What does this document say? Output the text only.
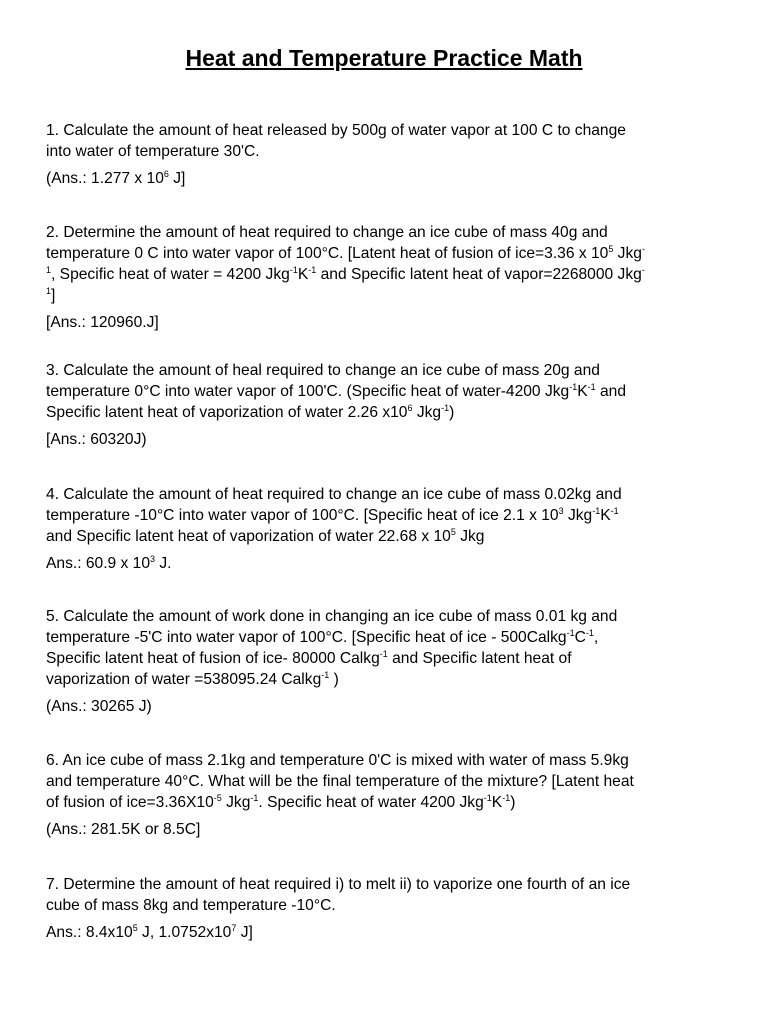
Heat and Temperature Practice Math

1. Calculate the amount of heat released by 500g of water vapor at 100 C to change
into water of temperature 30'C.

(Ans.: 1.277 x $10^6$ J]

2. Determine the amount of heat required to change an ice cube of mass 40g and
temperature 0 C into water vapor of 100°C. [Latent heat of fusion of ice=3.36 x $10^5$ Jkg-
$^1$, Specific heat of water = 4200 $Jkg^{-1}K^{-1}$ and Specific latent heat of vapor=2268000 Jkg-
$^1$]

[Ans.: 120960.J]

3. Calculate the amount of heal required to change an ice cube of mass 20g and
temperature 0°C into water vapor of 100'C. (Specific heat of water-4200 $Jkg^{-1}K^{-1}$ and
Specific latent heat of vaporization of water 2.26 $x10^6$ Jkg$^{-1}$)

[Ans.: 60320J)

4. Calculate the amount of heat required to change an ice cube of mass 0.02kg and
temperature -10°C into water vapor of 100°C. [Specific heat of ice 2.1 x $10^3$ $Jkg^{-1}K^{-1}$
and Specific latent heat of vaporization of water 22.68 x $10^5$ Jkg

Ans.: 60.9 x $10^3$ J.

5. Calculate the amount of work done in changing an ice cube of mass 0.01 kg and
temperature -5'C into water vapor of 100°C. [Specific heat of ice - $500Calkg^{-1}C^{-1}$,
Specific latent heat of fusion of ice- 80000 Calkg$^{-1}$ and Specific latent heat of
vaporization of water =538095.24 Calkg$^{-1}$ )

(Ans.: 30265 J)

6. An ice cube of mass 2.1kg and temperature 0'C is mixed with water of mass 5.9kg
and temperature 40°C. What will be the final temperature of the mixture? [Latent heat
of fusion of $ice=3.36X10^{-5}$ Jkg$^{-1}$. Specific heat of water 4200 $Jkg^{-1}K^{-1}$)

(Ans.: 281.5K or 8.5C]

7. Determine the amount of heat required i) to melt ii) to vaporize one fourth of an ice
cube of mass 8kg and temperature -10°C.

Ans.: $8.4x10^5$ J, $1.0752x10^7$ J]
